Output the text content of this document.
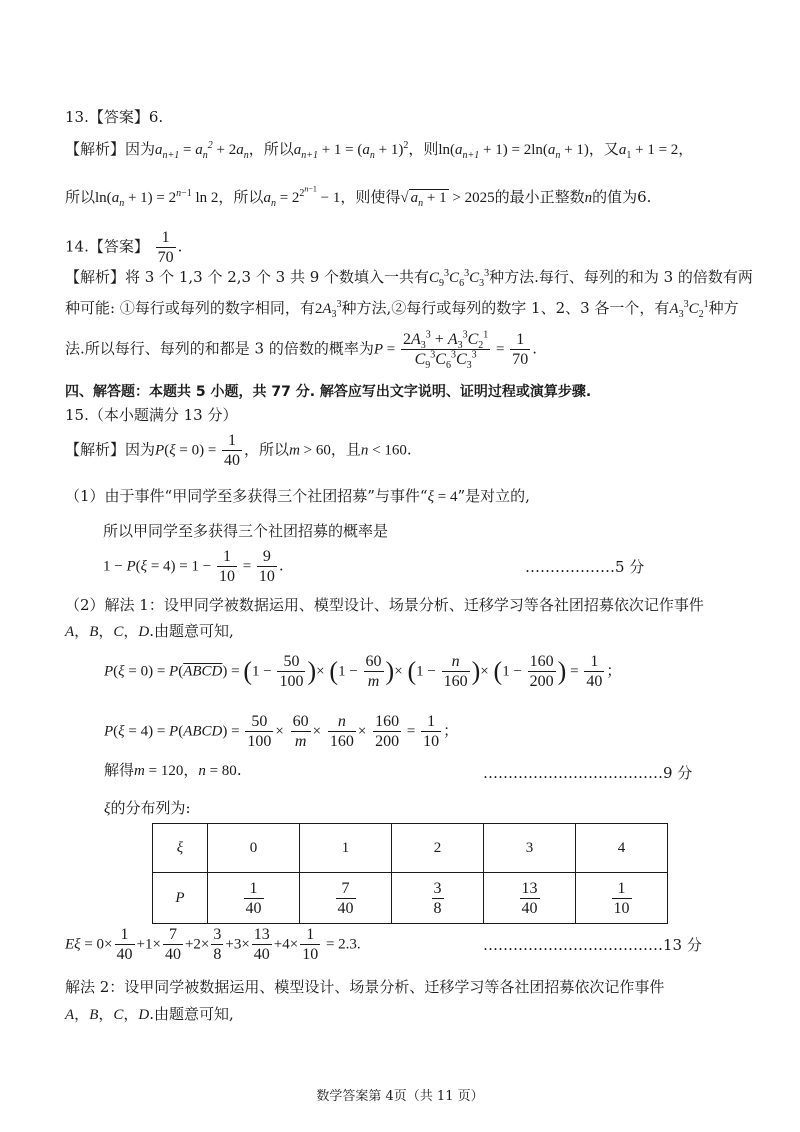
13.【答案】6.
【解析】因为$a_{n+1} = a_n^2 + 2a_n$，所以$a_{n+1} + 1 = (a_n + 1)^2$，则$\ln(a_{n+1} + 1) = 2\ln(a_n + 1)$，又$a_1 + 1 = 2$，
所以$\ln(a_n + 1) = 2^{n-1}$ ln 2，所以$a_n = 2^{2^{n-1}} - 1$，则使得√ $a_n + 1 > 2025$的最小正整数n的值为6.
14.【答案】 $\frac{1}{70}$ .
【解析】将 3 个 1,3 个 2,3 个 3 共 9 个数填入一共有$C_9^3C_6^3C_3^3$种方法.每行、每列的和为 3 的倍数有两
种可能: ①每行或每列的数字相同，有$2A_3^3$种方法,②每行或每列的数字 1、2、3 各一个，有$A_3^3C_2^1$种方
法.所以每行、每列的和都是 3 的倍数的概率为$P = \frac{2A_3^3 + A_3^3C_2^1}{C_9^3C_6^3C_3^3} = \frac{1}{70}$ .
四、解答题：本题共 5 小题，共 77 分. 解答应写出文字说明、证明过程或演算步骤.
15.（本小题满分 13 分）
【解析】因为$P(\xi = 0) = \frac{1}{40}$ ，所以m > 60，且n < 160.
（1）由于事件“甲同学至多获得三个社团招募”与事件“ξ = 4”是对立的,
所以甲同学至多获得三个社团招募的概率是
$1 - P(\xi = 4) = 1 - \frac{1}{10} = \frac{9}{10}$ .	………………5 分
（2）解法 1：设甲同学被数据运用、模型设计、场景分析、迁移学习等各社团招募依次记作事件
A，B，C，D.由题意可知,
P(ξ = 0) = P(ABCD) = ($1 - \frac{50}{100}$ )× ($1 - \frac{60}{m}$ )× ($1 - \frac{n}{160}$ )× ($1 - \frac{160}{200}$ ) = $\frac{1}{40}$ ；
P(ξ = 4) = P(ABCD) = $\frac{50}{100} \times \frac{60}{m} \times \frac{n}{160} \times \frac{160}{200} = \frac{1}{10}$ ；
解得m = 120，n = 80.	………………………………9 分
ξ的分布列为:
ξ	0	1	2	3	4
P	$\frac{1}{40}$	$\frac{7}{40}$	$\frac{3}{8}$	$\frac{13}{40}$	$\frac{1}{10}$
$E\xi = 0\times \frac{1}{40} +1\times \frac{7}{40} +2\times \frac{3}{8} +3\times \frac{13}{40} +4\times \frac{1}{10} = 2.3$.	………………………………13 分
解法 2：设甲同学被数据运用、模型设计、场景分析、迁移学习等各社团招募依次记作事件
A，B，C，D.由题意可知,
数学答案第 4页（共 11 页）
